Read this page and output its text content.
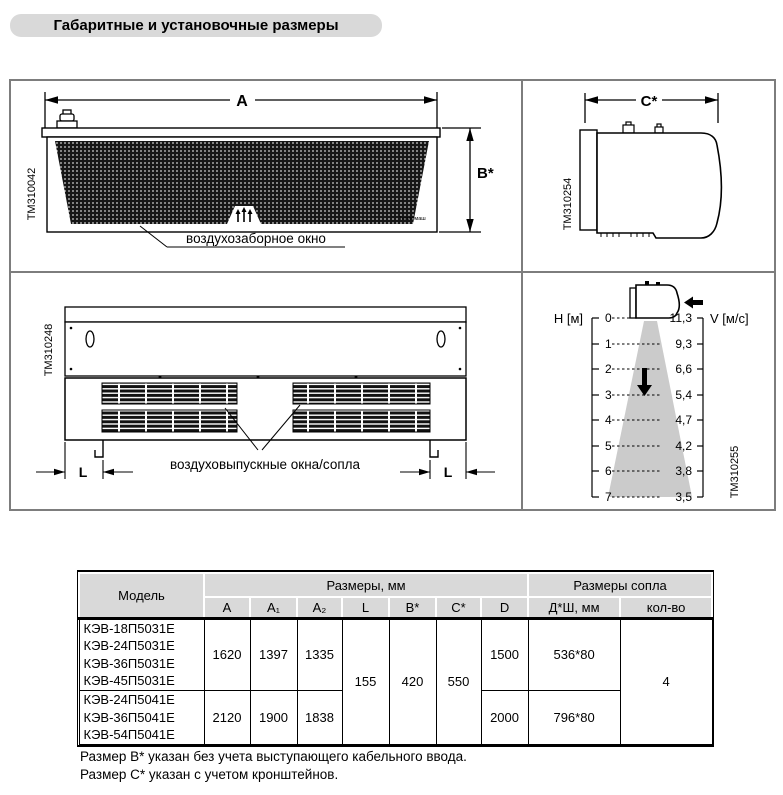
Габаритные и установочные размеры
A
Тепломаш
B*
ТМ310042
воздухозаборное окно
C*
ТМ310254
L	L
воздуховыпускные окна/сопла
ТМ310248
H [м]	V [м/с]
0
1
2
3
4
5
6
7
11,3
9,3
6,6
5,4
4,7
4,2
3,8
3,5	ТМ310255
Модель	Размеры, мм							Размеры сопла	
	A	A₁	A₂	L	B*	C*	D	Д*Ш, мм	кол-во

КЭВ-18П5031Е
КЭВ-24П5031Е
КЭВ-36П5031Е
КЭВ-45П5031Е	1620	1397	1335	155	420	550	1500	536*80	4

КЭВ-24П5041Е
КЭВ-36П5041Е
КЭВ-54П5041Е	2120	1900	1838				2000	796*80	
Размер B* указан без учета выступающего кабельного ввода.
Размер C* указан с учетом кронштейнов.
